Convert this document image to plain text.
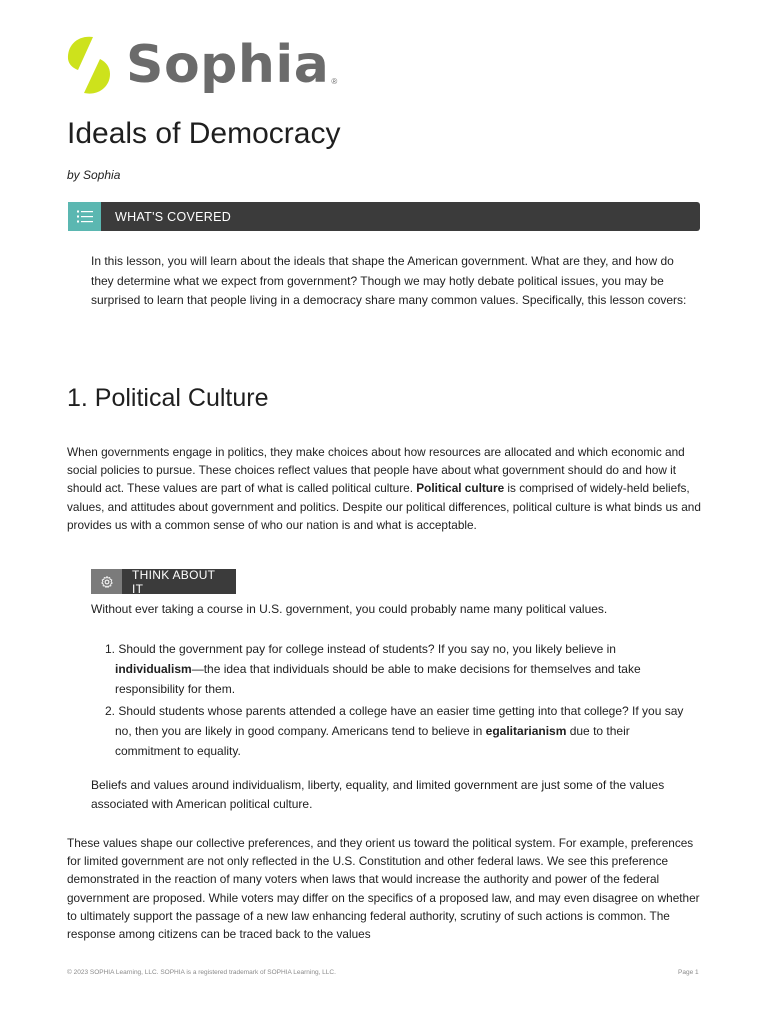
Sophia ®
Ideals of Democracy
by Sophia
WHAT'S COVERED

In this lesson, you will learn about the ideals that shape the American government. What are they, and how do they determine what we expect from government? Though we may hotly debate political issues, you may be surprised to learn that people living in a democracy share many common values. Specifically, this lesson covers:

1. Political Culture

When governments engage in politics, they make choices about how resources are allocated and which economic and social policies to pursue. These choices reflect values that people have about what government should do and how it should act. These values are part of what is called political culture. Political culture is comprised of widely-held beliefs, values, and attitudes about government and politics. Despite our political differences, political culture is what binds us and provides us with a common sense of who our nation is and what is acceptable.

THINK ABOUT IT

Without ever taking a course in U.S. government, you could probably name many political values.

1. Should the government pay for college instead of students? If you say no, you likely believe in individualism—the idea that individuals should be able to make decisions for themselves and take responsibility for them.
2. Should students whose parents attended a college have an easier time getting into that college? If you say no, then you are likely in good company. Americans tend to believe in egalitarianism due to their commitment to equality.

Beliefs and values around individualism, liberty, equality, and limited government are just some of the values associated with American political culture.

These values shape our collective preferences, and they orient us toward the political system. For example, preferences for limited government are not only reflected in the U.S. Constitution and other federal laws. We see this preference demonstrated in the reaction of many voters when laws that would increase the authority and power of the federal government are proposed. While voters may differ on the specifics of a proposed law, and may even disagree on whether to ultimately support the passage of a new law enhancing federal authority, scrutiny of such actions is common. The response among citizens can be traced back to the values

© 2023 SOPHIA Learning, LLC. SOPHIA is a registered trademark of SOPHIA Learning, LLC.	Page 1
